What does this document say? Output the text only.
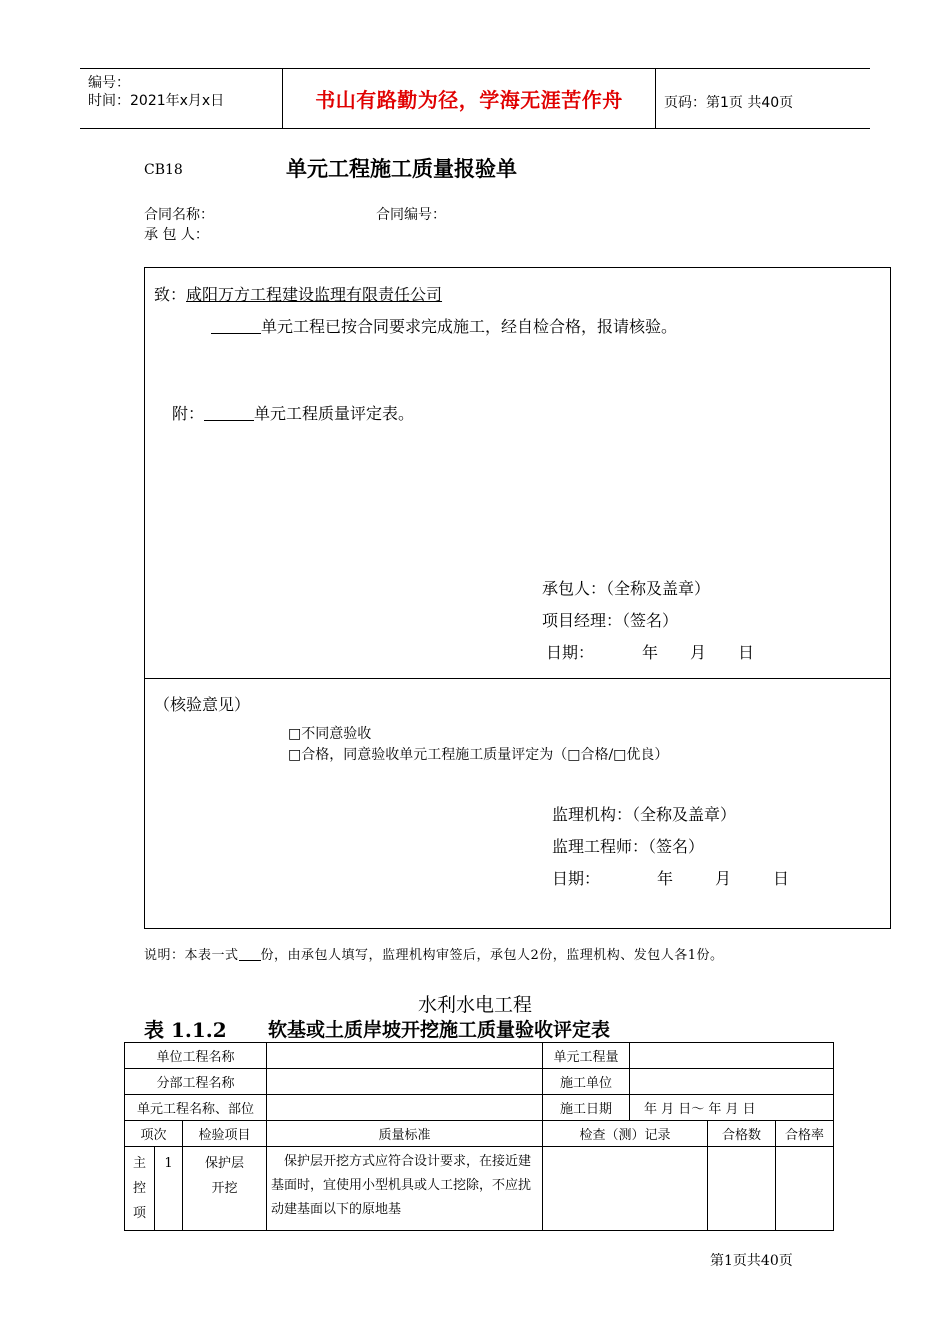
编号：
时间：2021年x月x日	书山有路勤为径，学海无涯苦作舟	页码：第1页 共40页
CB18	单元工程施工质量报验单
合同名称：	合同编号：
承 包 人：
致：咸阳万方工程建设监理有限责任公司
单元工程已按合同要求完成施工，经自检合格，报请核验。
附：	单元工程质量评定表。
承包人：（全称及盖章）
项目经理：（签名）
日期：	年 月 日
（核验意见）
□不同意验收
□合格，同意验收单元工程施工质量评定为（□合格/□优良）
监理机构：（全称及盖章）
监理工程师：（签名）
日期：	年	月	日
说明：本表一式 份，由承包人填写，监理机构审签后，承包人2份，监理机构、发包人各1份。
水利水电工程
表 1.1.2 软基或土质岸坡开挖施工质量验收评定表
单位工程名称				单元工程量			
分部工程名称				施工单位			
单元工程名称、部位				施工日期	年 月 日～ 年 月 日		
项次		检验项目	质量标准	检查（测）记录		合格数	合格率
主控项	1	保护层开挖	保护层开挖方式应符合设计要求，在接近建基面时，宜使用小型机具或人工挖除，不应扰动建基面以下的原地基				
第1页共40页
